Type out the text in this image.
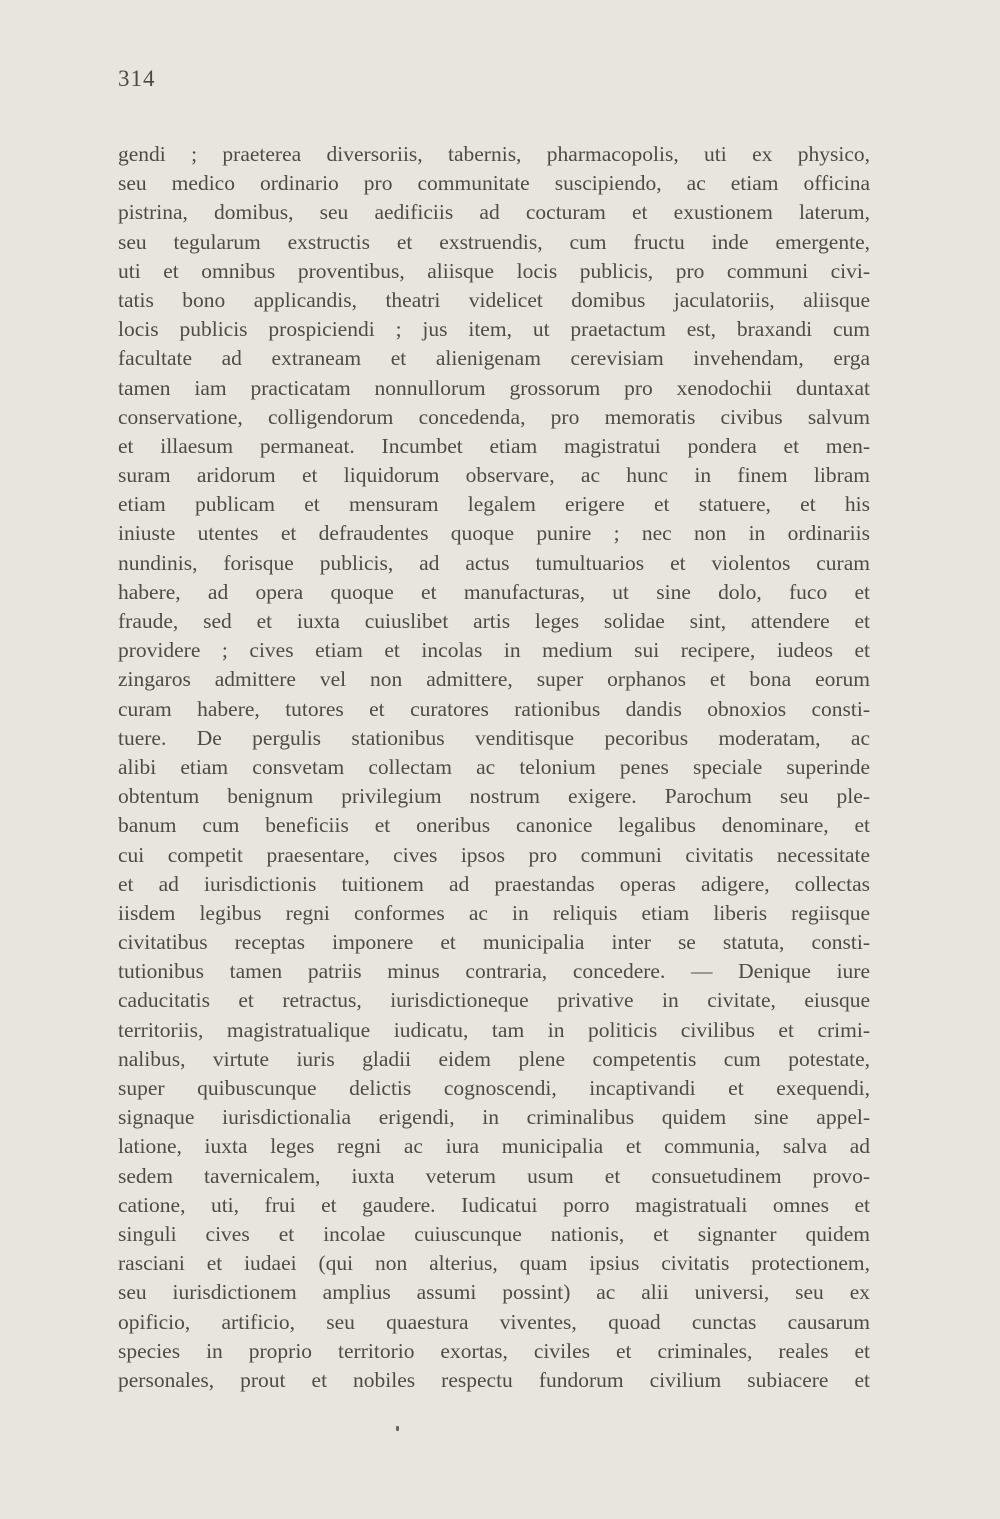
314
gendi ; praeterea diversoriis, tabernis, pharmacopolis, uti ex physico,
seu medico ordinario pro communitate suscipiendo, ac etiam officina
pistrina, domibus, seu aedificiis ad cocturam et exustionem laterum,
seu tegularum exstructis et exstruendis, cum fructu inde emergente,
uti et omnibus proventibus, aliisque locis publicis, pro communi civi-
tatis bono applicandis, theatri videlicet domibus jaculatoriis, aliisque
locis publicis prospiciendi ; jus item, ut praetactum est, braxandi cum
facultate ad extraneam et alienigenam cerevisiam invehendam, erga
tamen iam practicatam nonnullorum grossorum pro xenodochii duntaxat
conservatione, colligendorum concedenda, pro memoratis civibus salvum
et illaesum permaneat. Incumbet etiam magistratui pondera et men-
suram aridorum et liquidorum observare, ac hunc in finem libram
etiam publicam et mensuram legalem erigere et statuere, et his
iniuste utentes et defraudentes quoque punire ; nec non in ordinariis
nundinis, forisque publicis, ad actus tumultuarios et violentos curam
habere, ad opera quoque et manufacturas, ut sine dolo, fuco et
fraude, sed et iuxta cuiuslibet artis leges solidae sint, attendere et
providere ; cives etiam et incolas in medium sui recipere, iudeos et
zingaros admittere vel non admittere, super orphanos et bona eorum
curam habere, tutores et curatores rationibus dandis obnoxios consti-
tuere. De pergulis stationibus venditisque pecoribus moderatam, ac
alibi etiam consvetam collectam ac telonium penes speciale superinde
obtentum benignum privilegium nostrum exigere. Parochum seu ple-
banum cum beneficiis et oneribus canonice legalibus denominare, et
cui competit praesentare, cives ipsos pro communi civitatis necessitate
et ad iurisdictionis tuitionem ad praestandas operas adigere, collectas
iisdem legibus regni conformes ac in reliquis etiam liberis regiisque
civitatibus receptas imponere et municipalia inter se statuta, consti-
tutionibus tamen patriis minus contraria, concedere. — Denique iure
caducitatis et retractus, iurisdictioneque privative in civitate, eiusque
territoriis, magistratualique iudicatu, tam in politicis civilibus et crimi-
nalibus, virtute iuris gladii eidem plene competentis cum potestate,
super quibuscunque delictis cognoscendi, incaptivandi et exequendi,
signaque iurisdictionalia erigendi, in criminalibus quidem sine appel-
latione, iuxta leges regni ac iura municipalia et communia, salva ad
sedem tavernicalem, iuxta veterum usum et consuetudinem provo-
catione, uti, frui et gaudere. Iudicatui porro magistratuali omnes et
singuli cives et incolae cuiuscunque nationis, et signanter quidem
rasciani et iudaei (qui non alterius, quam ipsius civitatis protectionem,
seu iurisdictionem amplius assumi possint) ac alii universi, seu ex
opificio, artificio, seu quaestura viventes, quoad cunctas causarum
species in proprio territorio exortas, civiles et criminales, reales et
personales, prout et nobiles respectu fundorum civilium subiacere et
